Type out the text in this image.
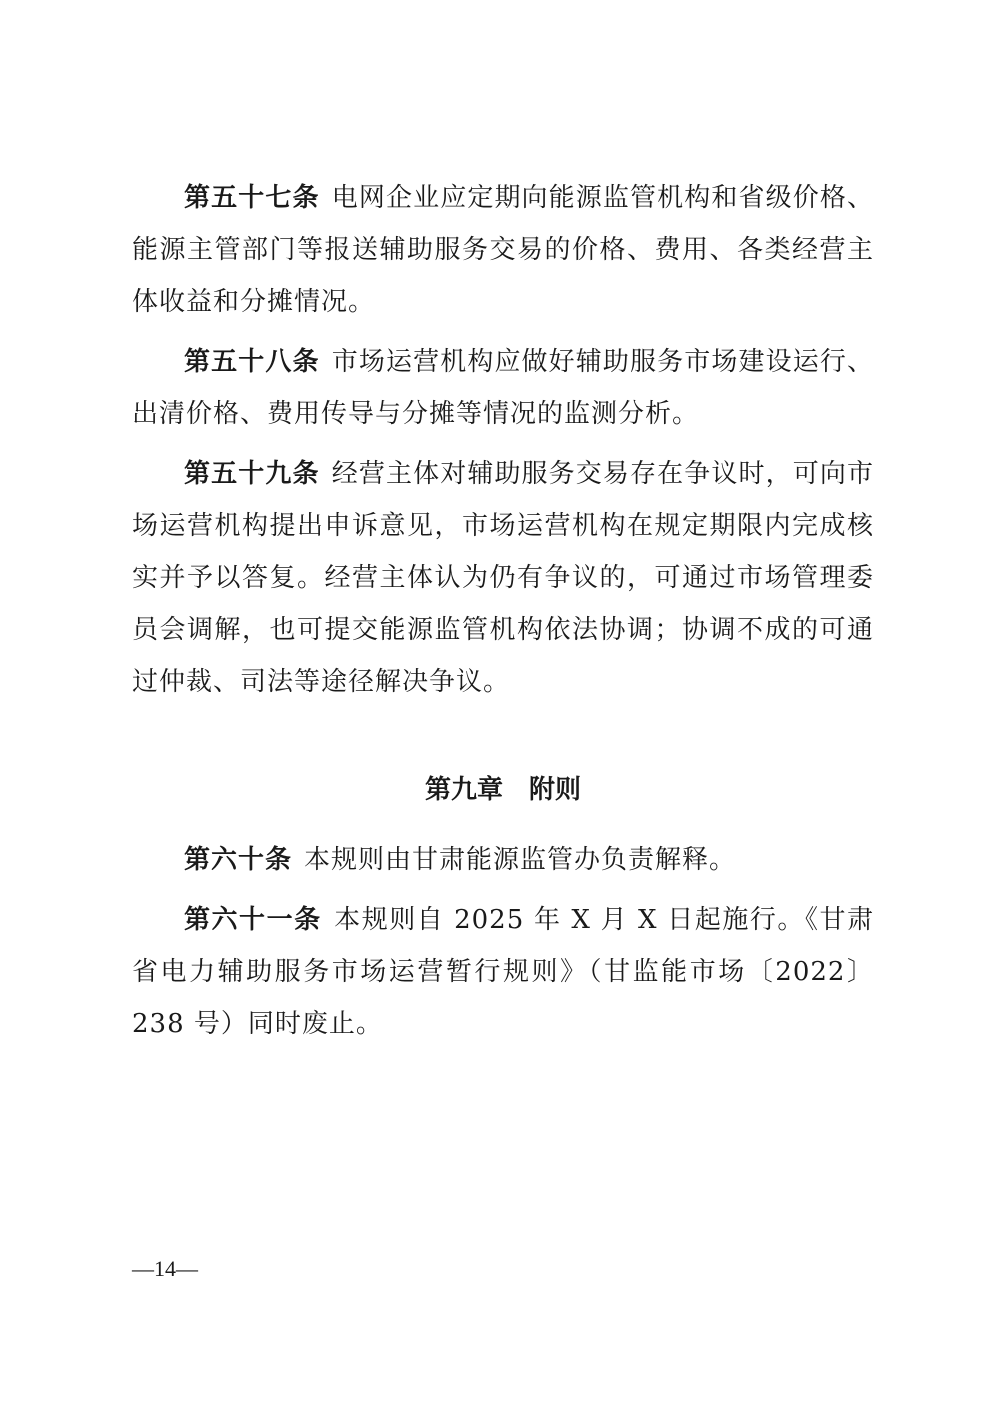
第五十七条 电网企业应定期向能源监管机构和省级价格、能源主管部门等报送辅助服务交易的价格、费用、各类经营主体收益和分摊情况。

第五十八条 市场运营机构应做好辅助服务市场建设运行、出清价格、费用传导与分摊等情况的监测分析。

第五十九条 经营主体对辅助服务交易存在争议时，可向市场运营机构提出申诉意见，市场运营机构在规定期限内完成核实并予以答复。经营主体认为仍有争议的，可通过市场管理委员会调解，也可提交能源监管机构依法协调；协调不成的可通过仲裁、司法等途径解决争议。

第九章 附则

第六十条 本规则由甘肃能源监管办负责解释。

第六十一条 本规则自 2025 年 X 月 X 日起施行。《甘肃省电力辅助服务市场运营暂行规则》（甘监能市场〔2022〕238 号）同时废止。

—14—
